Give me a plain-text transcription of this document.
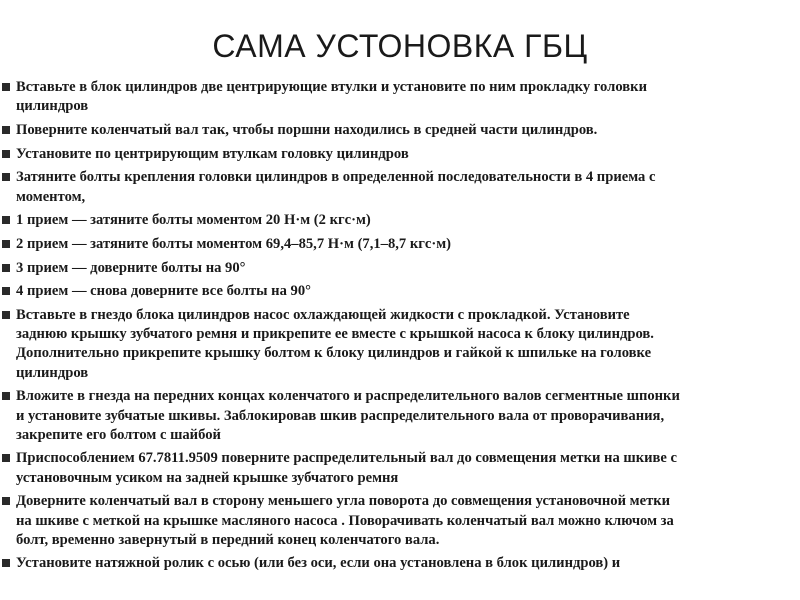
САМА УСТОНОВКА ГБЦ
Вставьте в блок цилиндров две центрирующие втулки и установите по ним прокладку головки
цилиндров
Поверните коленчатый вал так, чтобы поршни находились в средней части цилиндров.
Установите по центрирующим втулкам головку цилиндров
Затяните болты крепления головки цилиндров в определенной последовательности в 4 приема с
моментом,
1 прием — затяните болты моментом 20 Н·м (2 кгс·м)
2 прием — затяните болты моментом 69,4–85,7 Н·м (7,1–8,7 кгс·м)
3 прием — доверните болты на 90°
4 прием — снова доверните все болты на 90°
Вставьте в гнездо блока цилиндров насос охлаждающей жидкости с прокладкой. Установите
заднюю крышку зубчатого ремня и прикрепите ее вместе с крышкой насоса к блоку цилиндров.
Дополнительно прикрепите крышку болтом к блоку цилиндров и гайкой к шпильке на головке
цилиндров
Вложите в гнезда на передних концах коленчатого и распределительного валов сегментные шпонки
и установите зубчатые шкивы. Заблокировав шкив распределительного вала от проворачивания,
закрепите его болтом с шайбой
Приспособлением 67.7811.9509 поверните распределительный вал до совмещения метки на шкиве с
установочным усиком на задней крышке зубчатого ремня
Доверните коленчатый вал в сторону меньшего угла поворота до совмещения установочной метки
на шкиве с меткой на крышке масляного насоса . Поворачивать коленчатый вал можно ключом за
болт, временно завернутый в передний конец коленчатого вала.
Установите натяжной ролик с осью (или без оси, если она установлена в блок цилиндров) и
